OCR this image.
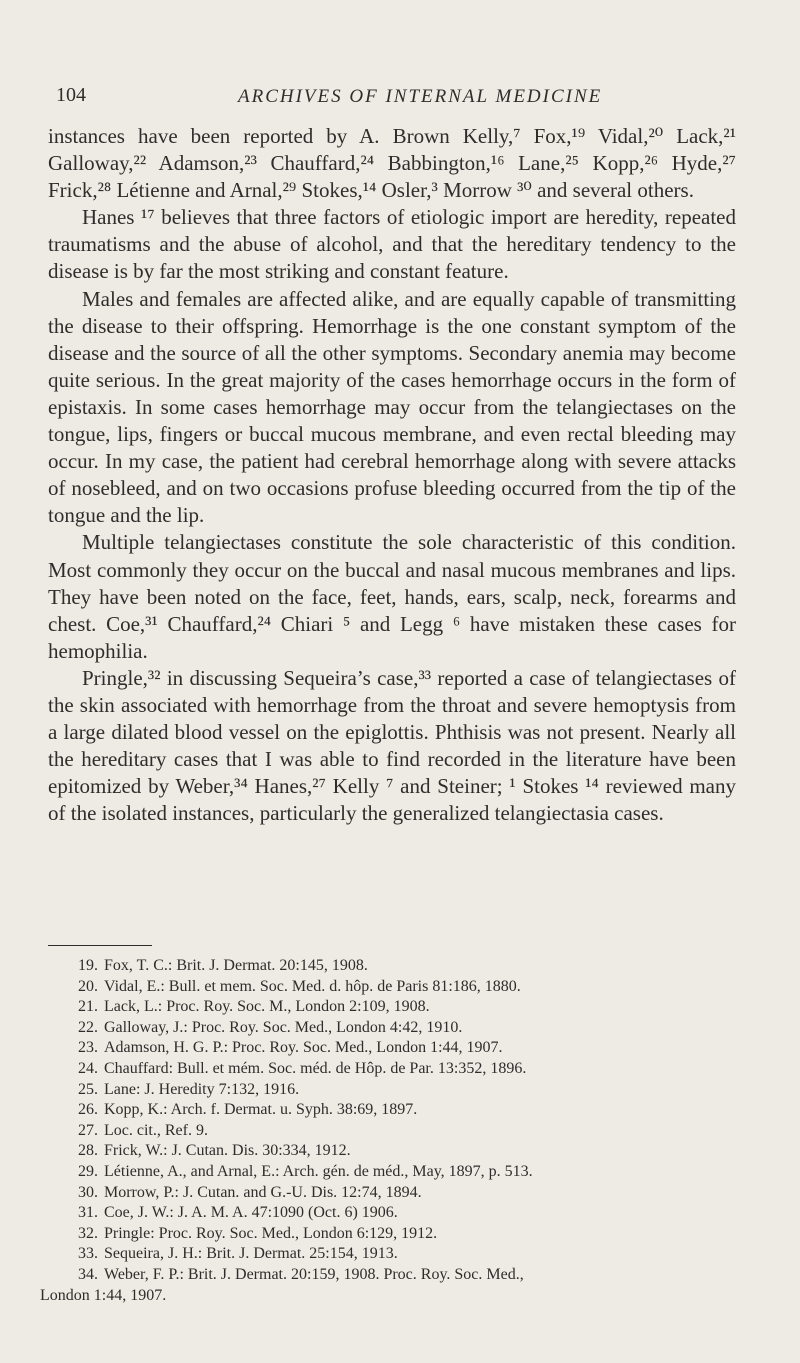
104	ARCHIVES OF INTERNAL MEDICINE

instances have been reported by A. Brown Kelly,⁷ Fox,¹⁹ Vidal,²⁰ Lack,²¹ Galloway,²² Adamson,²³ Chauffard,²⁴ Babbington,¹⁶ Lane,²⁵ Kopp,²⁶ Hyde,²⁷ Frick,²⁸ Létienne and Arnal,²⁹ Stokes,¹⁴ Osler,³ Morrow ³⁰ and several others.

Hanes ¹⁷ believes that three factors of etiologic import are heredity, repeated traumatisms and the abuse of alcohol, and that the hereditary tendency to the disease is by far the most striking and constant feature.

Males and females are affected alike, and are equally capable of transmitting the disease to their offspring. Hemorrhage is the one constant symptom of the disease and the source of all the other symptoms. Secondary anemia may become quite serious. In the great majority of the cases hemorrhage occurs in the form of epistaxis. In some cases hemorrhage may occur from the telangiectases on the tongue, lips, fingers or buccal mucous membrane, and even rectal bleeding may occur. In my case, the patient had cerebral hemorrhage along with severe attacks of nosebleed, and on two occasions profuse bleeding occurred from the tip of the tongue and the lip.

Multiple telangiectases constitute the sole characteristic of this condition. Most commonly they occur on the buccal and nasal mucous membranes and lips. They have been noted on the face, feet, hands, ears, scalp, neck, forearms and chest. Coe,³¹ Chauffard,²⁴ Chiari ⁵ and Legg ⁶ have mistaken these cases for hemophilia.

Pringle,³² in discussing Sequeira’s case,³³ reported a case of telangiectases of the skin associated with hemorrhage from the throat and severe hemoptysis from a large dilated blood vessel on the epiglottis. Phthisis was not present. Nearly all the hereditary cases that I was able to find recorded in the literature have been epitomized by Weber,³⁴ Hanes,²⁷ Kelly ⁷ and Steiner; ¹ Stokes ¹⁴ reviewed many of the isolated instances, particularly the generalized telangiectasia cases.

19. Fox, T. C.: Brit. J. Dermat. 20:145, 1908.
20. Vidal, E.: Bull. et mem. Soc. Med. d. hôp. de Paris 81:186, 1880.
21. Lack, L.: Proc. Roy. Soc. M., London 2:109, 1908.
22. Galloway, J.: Proc. Roy. Soc. Med., London 4:42, 1910.
23. Adamson, H. G. P.: Proc. Roy. Soc. Med., London 1:44, 1907.
24. Chauffard: Bull. et mém. Soc. méd. de Hôp. de Par. 13:352, 1896.
25. Lane: J. Heredity 7:132, 1916.
26. Kopp, K.: Arch. f. Dermat. u. Syph. 38:69, 1897.
27. Loc. cit., Ref. 9.
28. Frick, W.: J. Cutan. Dis. 30:334, 1912.
29. Létienne, A., and Arnal, E.: Arch. gén. de méd., May, 1897, p. 513.
30. Morrow, P.: J. Cutan. and G.-U. Dis. 12:74, 1894.
31. Coe, J. W.: J. A. M. A. 47:1090 (Oct. 6) 1906.
32. Pringle: Proc. Roy. Soc. Med., London 6:129, 1912.
33. Sequeira, J. H.: Brit. J. Dermat. 25:154, 1913.
34. Weber, F. P.: Brit. J. Dermat. 20:159, 1908. Proc. Roy. Soc. Med.,
London 1:44, 1907.
